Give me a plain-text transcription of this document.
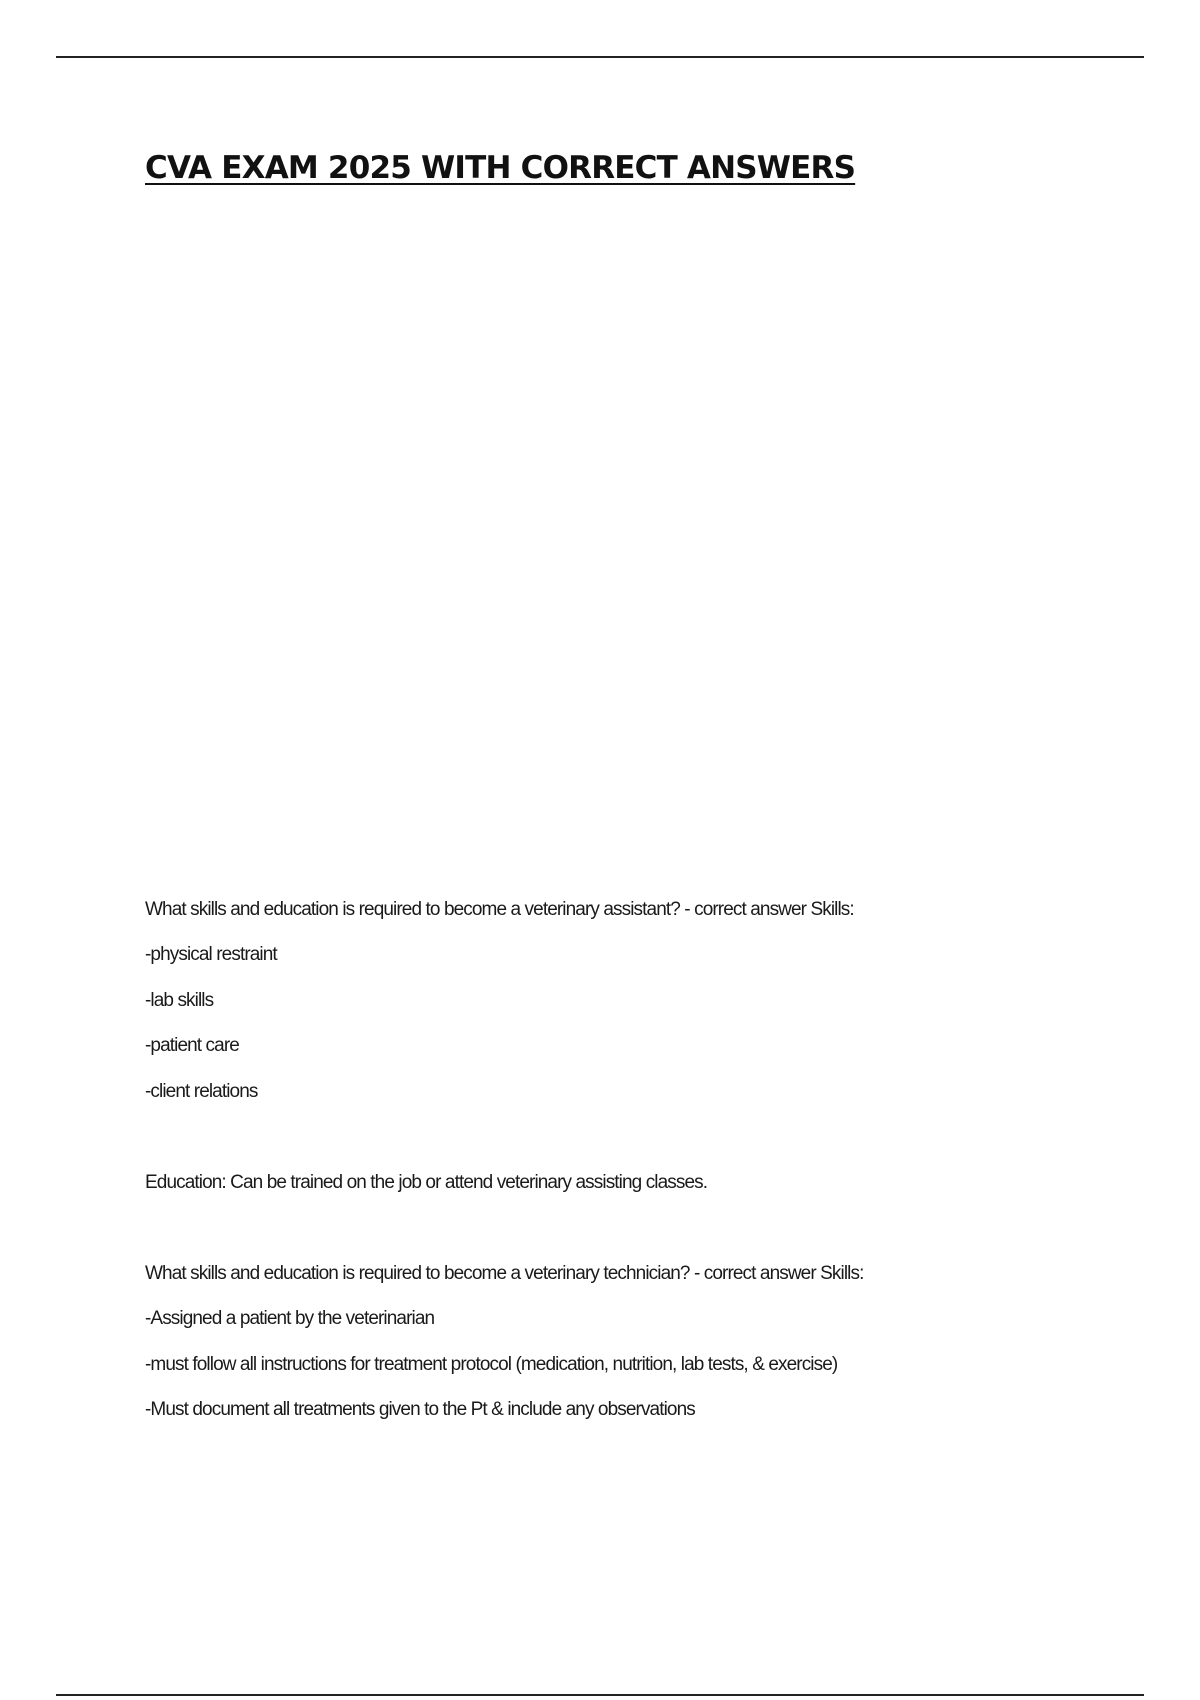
CVA EXAM 2025 WITH CORRECT ANSWERS

What skills and education is required to become a veterinary assistant? - correct answer Skills:

-physical restraint

-lab skills

-patient care

-client relations

Education: Can be trained on the job or attend veterinary assisting classes.

What skills and education is required to become a veterinary technician? - correct answer Skills:

-Assigned a patient by the veterinarian

-must follow all instructions for treatment protocol (medication, nutrition, lab tests, & exercise)

-Must document all treatments given to the Pt & include any observations
